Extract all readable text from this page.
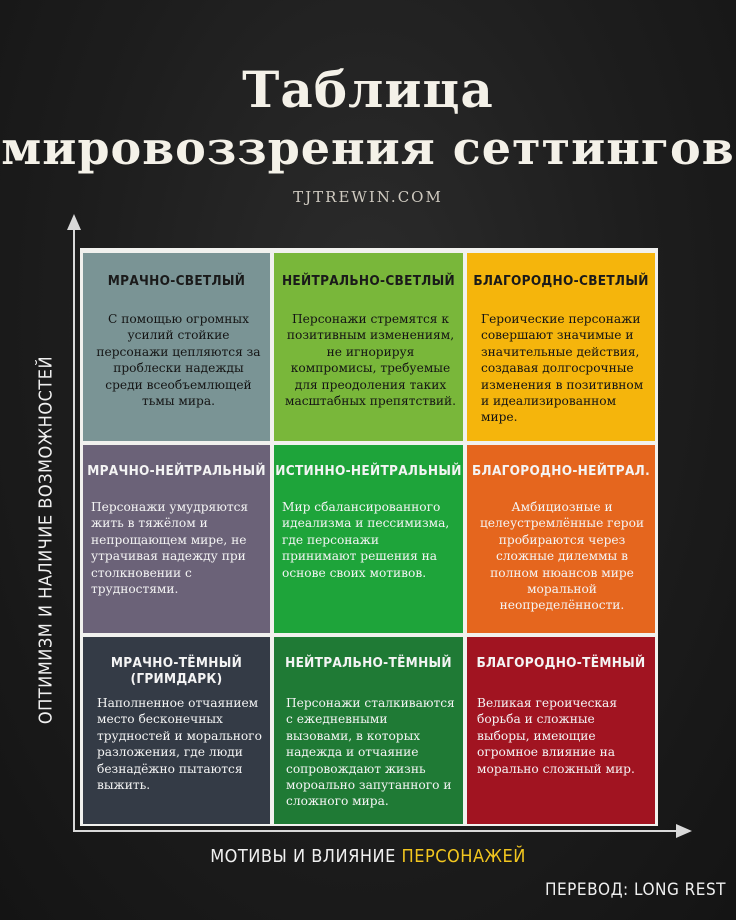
Таблица
мировоззрения сеттингов
TJTREWIN.COM
ОПТИМИЗМ И НАЛИЧИЕ ВОЗМОЖНОСТЕЙ
МРАЧНО-СВЕТЛЫЙ
С помощью огромных усилий стойкие персонажи цепляются за проблески надежды среди всеобъемлющей тьмы мира.
НЕЙТРАЛЬНО-СВЕТЛЫЙ
Персонажи стремятся к позитивным изменениям, не игнорируя компромисы, требуемые для преодоления таких масштабных препятствий.
БЛАГОРОДНО-СВЕТЛЫЙ
Героические персонажи совершают значимые и значительные действия, создавая долгосрочные изменения в позитивном и идеализированном мире.
МРАЧНО-НЕЙТРАЛЬНЫЙ
Персонажи умудряются жить в тяжёлом и непрощающем мире, не утрачивая надежду при столкновении с трудностями.
ИСТИННО-НЕЙТРАЛЬНЫЙ
Мир сбалансированного идеализма и пессимизма, где персонажи принимают решения на основе своих мотивов.
БЛАГОРОДНО-НЕЙТРАЛ.
Амбициозные и целеустремлённые герои пробираются через сложные дилеммы в полном нюансов мире моральной неопределённости.
МРАЧНО-ТЁМНЫЙ
(ГРИМДАРК)
Наполненное отчаянием место бесконечных трудностей и морального разложения, где люди безнадёжно пытаются выжить.
НЕЙТРАЛЬНО-ТЁМНЫЙ
Персонажи сталкиваются с ежедневными вызовами, в которых надежда и отчаяние сопровождают жизнь мороально запутанного и сложного мира.
БЛАГОРОДНО-ТЁМНЫЙ
Великая героическая борьба и сложные выборы, имеющие огромное влияние на морально сложный мир.
МОТИВЫ И ВЛИЯНИЕ ПЕРСОНАЖЕЙ
ПЕРЕВОД: LONG REST
